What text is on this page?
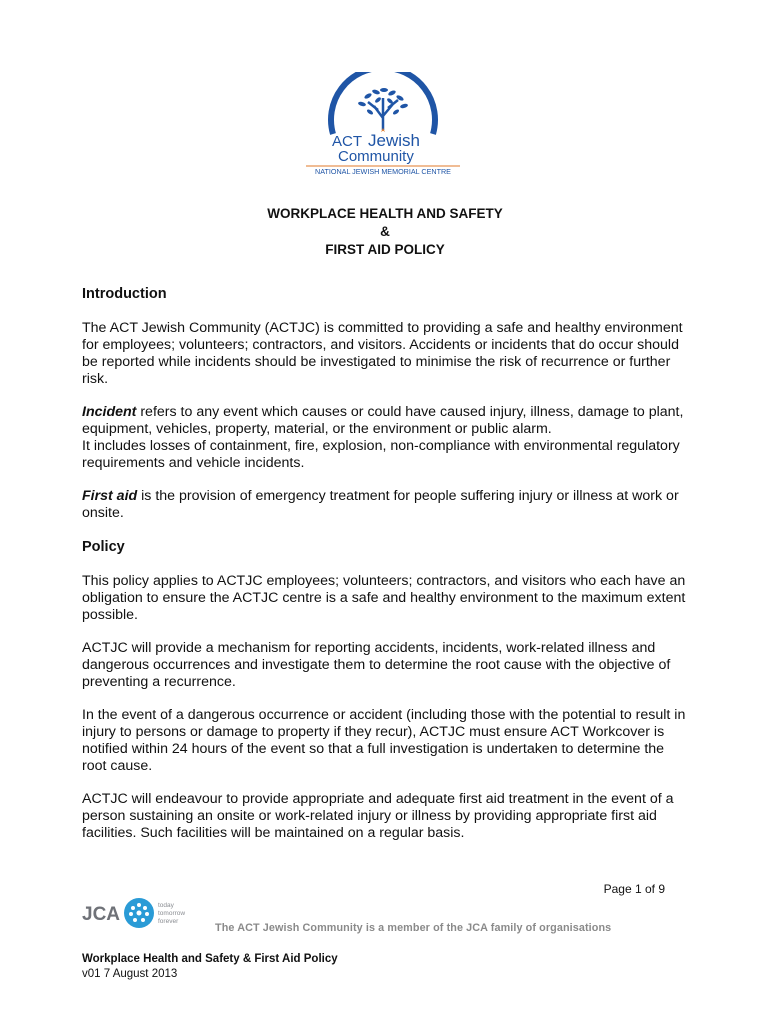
ACT Jewish
Community
NATIONAL JEWISH MEMORIAL CENTRE
WORKPLACE HEALTH AND SAFETY
&
FIRST AID POLICY
Introduction

The ACT Jewish Community (ACTJC) is committed to providing a safe and healthy environment for employees; volunteers; contractors, and visitors. Accidents or incidents that do occur should be reported while incidents should be investigated to minimise the risk of recurrence or further risk.

Incident refers to any event which causes or could have caused injury, illness, damage to plant, equipment, vehicles, property, material, or the environment or public alarm.

It includes losses of containment, fire, explosion, non-compliance with environmental regulatory requirements and vehicle incidents.

First aid is the provision of emergency treatment for people suffering injury or illness at work or onsite.

Policy

This policy applies to ACTJC employees; volunteers; contractors, and visitors who each have an obligation to ensure the ACTJC centre is a safe and healthy environment to the maximum extent possible.

ACTJC will provide a mechanism for reporting accidents, incidents, work-related illness and dangerous occurrences and investigate them to determine the root cause with the objective of preventing a recurrence.

In the event of a dangerous occurrence or accident (including those with the potential to result in injury to persons or damage to property if they recur), ACTJC must ensure ACT Workcover is notified within 24 hours of the event so that a full investigation is undertaken to determine the root cause.

ACTJC will endeavour to provide appropriate and adequate first aid treatment in the event of a person sustaining an onsite or work-related injury or illness by providing appropriate first aid facilities. Such facilities will be maintained on a regular basis.

Page 1 of 9
JCA	today
tomorrow
forever
The ACT Jewish Community is a member of the JCA family of organisations
Workplace Health and Safety & First Aid Policy
v01 7 August 2013
